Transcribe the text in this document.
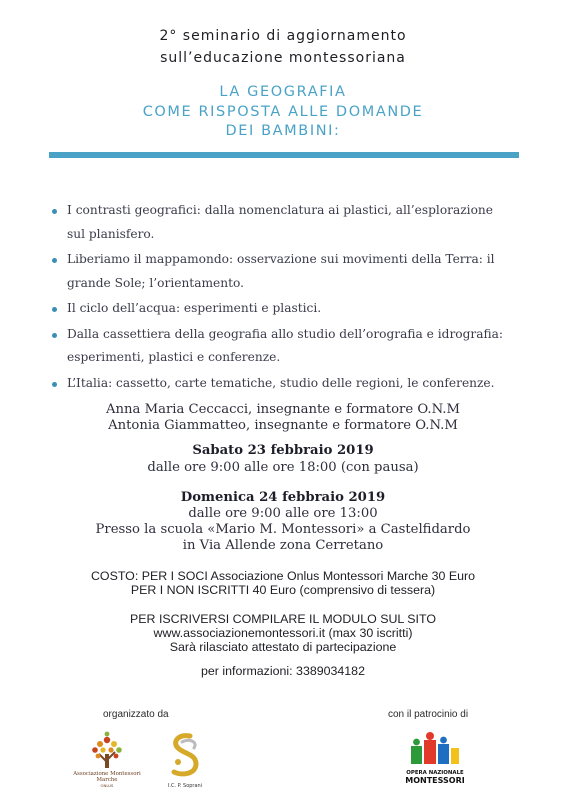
2° seminario di aggiornamento
sull’educazione montessoriana
LA GEOGRAFIA
COME RISPOSTA ALLE DOMANDE
DEI BAMBINI:
I contrasti geografici: dalla nomenclatura ai plastici, all’esplorazione sul planisfero.
Liberiamo il mappamondo: osservazione sui movimenti della Terra: il grande Sole; l’orientamento.
Il ciclo dell’acqua: esperimenti e plastici.
Dalla cassettiera della geografia allo studio dell’orografia e idrografia: esperimenti, plastici e conferenze.
L’Italia: cassetto, carte tematiche, studio delle regioni, le conferenze.
Anna Maria Ceccacci, insegnante e formatore O.N.M
Antonia Giammatteo, insegnante e formatore O.N.M
Sabato 23 febbraio 2019
dalle ore 9:00 alle ore 18:00 (con pausa)
Domenica 24 febbraio 2019
dalle ore 9:00 alle ore 13:00
Presso la scuola «Mario M. Montessori» a Castelfidardo
in Via Allende zona Cerretano
COSTO: PER I SOCI Associazione Onlus Montessori Marche 30 Euro
PER I NON ISCRITTI 40 Euro (comprensivo di tessera)
PER ISCRIVERSI COMPILARE IL MODULO SUL SITO
www.associazionemontessori.it (max 30 iscritti)
Sarà rilasciato attestato di partecipazione
per informazioni: 3389034182
organizzato da	con il patrocinio di
Associazione Montessori
Marche
ONLUS	I.C. P. Soprani
OPERA NAZIONALE
MONTESSORI
